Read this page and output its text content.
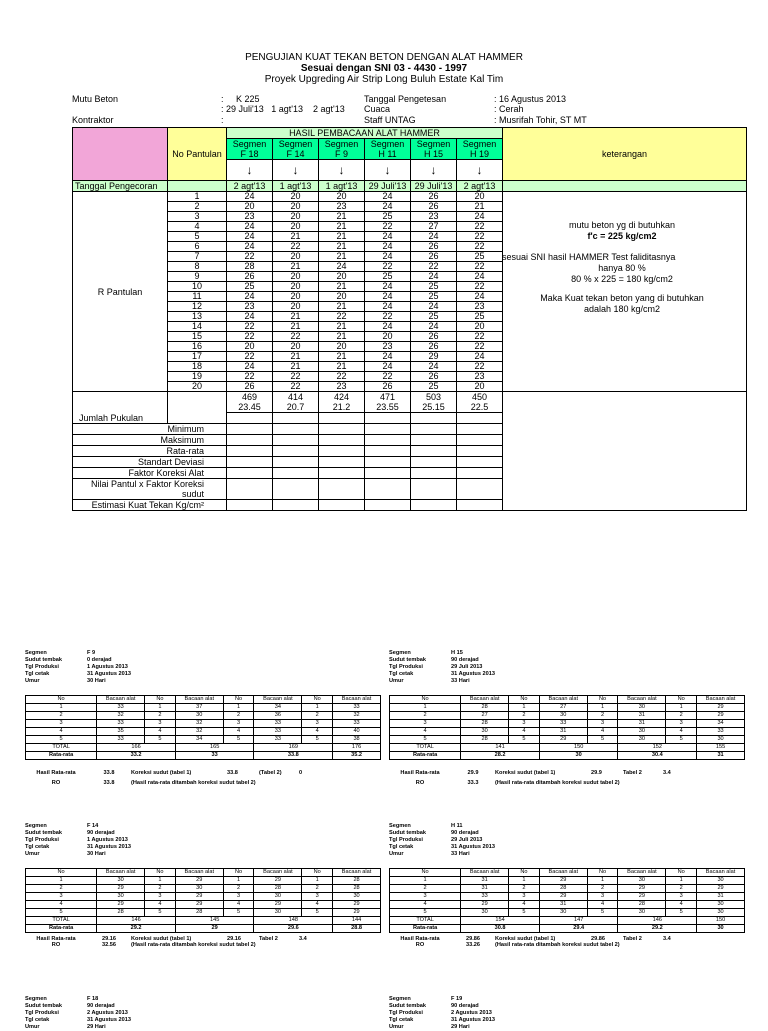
PENGUJIAN KUAT TEKAN BETON DENGAN ALAT HAMMER
Sesuai dengan SNI 03 - 4430 - 1997
Proyek Upgreding Air Strip Long Buluh Estate Kal Tim
Mutu Beton	: K 225
: 29 Juli'13   1 agt'13    2 agt'13
Kontraktor	:
Tanggal Pengetesan	: 16 Agustus 2013
Cuaca	: Cerah
Staff UNTAG	: Musrifah Tohir, ST MT
	No Pantulan	HASIL PEMBACAAN ALAT HAMMER						keterangan
		Segmen	Segmen	Segmen	Segmen	Segmen	Segmen	
		F 18	F 14	F 9	H 11	H 15	H 19	
		↓	↓	↓	↓	↓	↓	
Tanggal Pengecoran		2 agt'13	1 agt'13	1 agt'13	29 Juli'13	29 Juli'13	2 agt'13	
R Pantulan	1	24	20	20	24	26	20	
	2	20	20	23	24	26	21	
	3	23	20	21	25	23	24	
	4	24	20	21	22	27	22	
	5	24	21	21	24	24	22	
	6	24	22	21	24	26	22	
	7	22	20	21	24	26	25	
	8	28	21	24	22	22	22	
	9	26	20	20	25	24	24	
	10	25	20	21	24	25	22	
	11	24	20	20	24	25	24	
	12	23	20	21	24	24	23	
	13	24	21	22	22	25	25	
	14	22	21	21	24	24	20	
	15	22	22	21	20	26	22	
	16	20	20	20	23	26	22	
	17	22	21	21	24	29	24	
	18	24	21	21	24	24	22	
	19	22	22	22	22	26	23	
	20	26	22	23	26	25	20	
Jumlah Pukulan		469	414	424	471	503	450	
		23.45	20.7	21.2	23.55	25.15	22.5	

Minimum								
Maksimum								
Rata-rata								
Standart Deviasi								
Faktor Koreksi Alat								
Nilai Pantul x Faktor Koreksi sudut								
Estimasi Kuat Tekan Kg/cm²								
mutu beton yg di butuhkan
f'c = 225 kg/cm2
sesuai SNI hasil HAMMER Test faliditasnya
hanya 80 %
80 % x 225 = 180 kg/cm2
Maka Kuat tekan beton yang di butuhkan
adalah 180 kg/cm2
Segmen	F 9
Sudut tembak	0 derajad
Tgl Produksi	1 Agustus 2013
Tgl cetak	31 Agustus 2013
Umur	30 Hari
No	Bacaan alat	No	Bacaan alat	No	Bacaan alat	No	Bacaan alat
1	33	1	37	1	34	1	33
2	32	2	30	2	36	2	32
3	33	3	32	3	33	3	33
4	35	4	32	4	33	4	40
5	33	5	34	5	33	5	38
TOTAL	166		165		169		176
Rata-rata	33.2		33		33.8		35.2
Hasil Rata-rata	33.8	Koreksi sudut (tabel 1)	33.8	(Tabel 2)	0
RO	33.8	(Hasil rata-rata ditambah koreksi sudut tabel 2)
Segmen	H 15
Sudut tembak	90 derajad
Tgl Produksi	29 Juli 2013
Tgl cetak	31 Agustus 2013
Umur	33 Hari
No	Bacaan alat	No	Bacaan alat	No	Bacaan alat	No	Bacaan alat
1	28	1	27	1	30	1	29
2	27	2	30	2	31	2	29
3	28	3	33	3	31	3	34
4	30	4	31	4	30	4	33
5	28	5	29	5	30	5	30
TOTAL	141		150		152		155
Rata-rata	28.2		30		30.4		31
Hasil Rata-rata	29.9	Koreksi sudut (tabel 1)	29.9	Tabel 2	3.4
RO	33.3	(Hasil rata-rata ditambah koreksi sudut tabel 2)
Segmen	F 14
Sudut tembak	90 derajad
Tgl Produksi	1 Agustus 2013
Tgl cetak	31 Agustus 2013
Umur	30 Hari
No	Bacaan alat	No	Bacaan alat	No	Bacaan alat	No	Bacaan alat
1	30	1	29	1	29	1	28
2	29	2	30	2	28	2	28
3	30	3	29	3	30	3	30
4	29	4	29	4	29	4	29
5	28	5	28	5	30	5	29
TOTAL	146		145		148		144
Rata-rata	29.2		29		29.6		28.8
Hasil Rata-rata	29.16	Koreksi sudut (tabel 1)	29.16	Tabel 2	3.4
RO	32.56	(Hasil rata-rata ditambah koreksi sudut tabel 2)
Segmen	H 11
Sudut tembak	90 derajad
Tgl Produksi	29 Juli 2013
Tgl cetak	31 Agustus 2013
Umur	33 Hari
No	Bacaan alat	No	Bacaan alat	No	Bacaan alat	No	Bacaan alat
1	31	1	29	1	30	1	30
2	31	2	28	2	29	2	29
3	33	3	29	3	29	3	31
4	29	4	31	4	28	4	30
5	30	5	30	5	30	5	30
TOTAL	154		147		146		150
Rata-rata	30.8		29.4		29.2		30
Hasil Rata-rata	29.86	Koreksi sudut (tabel 1)	29.86	Tabel 2	3.4
RO	33.26	(Hasil rata-rata ditambah koreksi sudut tabel 2)
Segmen	F 18
Sudut tembak	90 derajad
Tgl Produksi	2 Agustus 2013
Tgl cetak	31 Agustus 2013
Umur	29 Hari
Segmen	F 19
Sudut tembak	90 derajad
Tgl Produksi	2 Agustus 2013
Tgl cetak	31 Agustus 2013
Umur	29 Hari
